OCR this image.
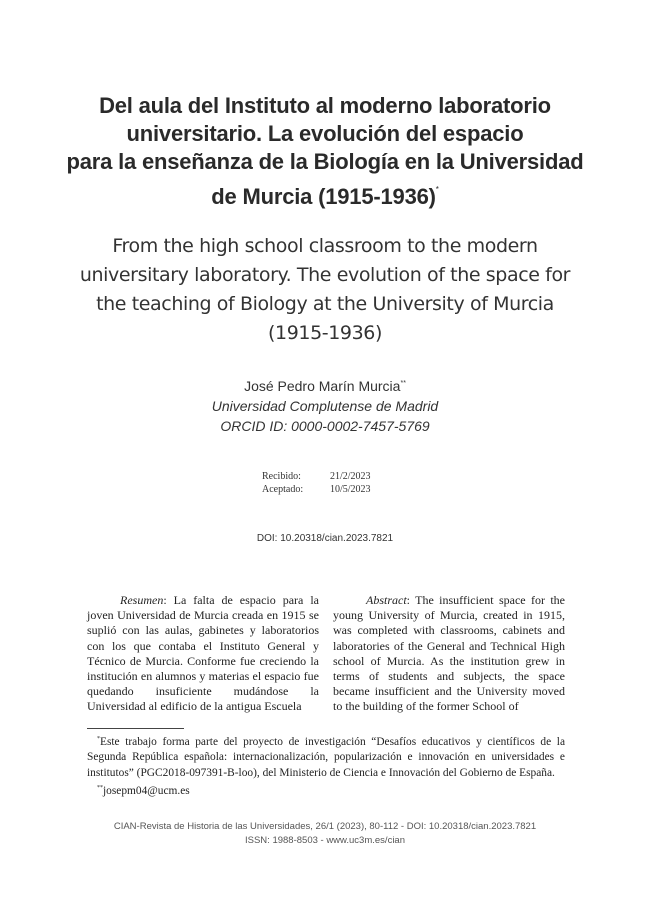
Del aula del Instituto al moderno laboratorio
universitario. La evolución del espacio
para la enseñanza de la Biología en la Universidad
de Murcia (1915-1936)*
From the high school classroom to the modern
universitary laboratory. The evolution of the space for
the teaching of Biology at the University of Murcia
(1915-1936)
José Pedro Marín Murcia**
Universidad Complutense de Madrid
ORCID ID: 0000-0002-7457-5769
Recibido:	21/2/2023
Aceptado:	10/5/2023
DOI: 10.20318/cian.2023.7821

Resumen: La falta de espacio para la joven Universidad de Murcia creada en 1915 se suplió con las aulas, gabinetes y laboratorios con los que contaba el Instituto General y Técnico de Murcia. Conforme fue creciendo la institución en alumnos y materias el espacio fue quedando insuficiente mudándose la Universidad al edificio de la antigua Escuela

Abstract: The insufficient space for the young University of Murcia, created in 1915, was completed with classrooms, cabinets and laboratories of the General and Technical High school of Murcia. As the institution grew in terms of students and subjects, the space became insufficient and the University moved to the building of the former School of

*Este trabajo forma parte del proyecto de investigación “Desafíos educativos y científicos de la Segunda República española: internacionalización, popularización e innovación en universidades e institutos” (PGC2018-097391-B-loo), del Ministerio de Ciencia e Innovación del Gobierno de España.

**josepm04@ucm.es

CIAN-Revista de Historia de las Universidades, 26/1 (2023), 80-112 - DOI: 10.20318/cian.2023.7821
ISSN: 1988-8503 - www.uc3m.es/cian
